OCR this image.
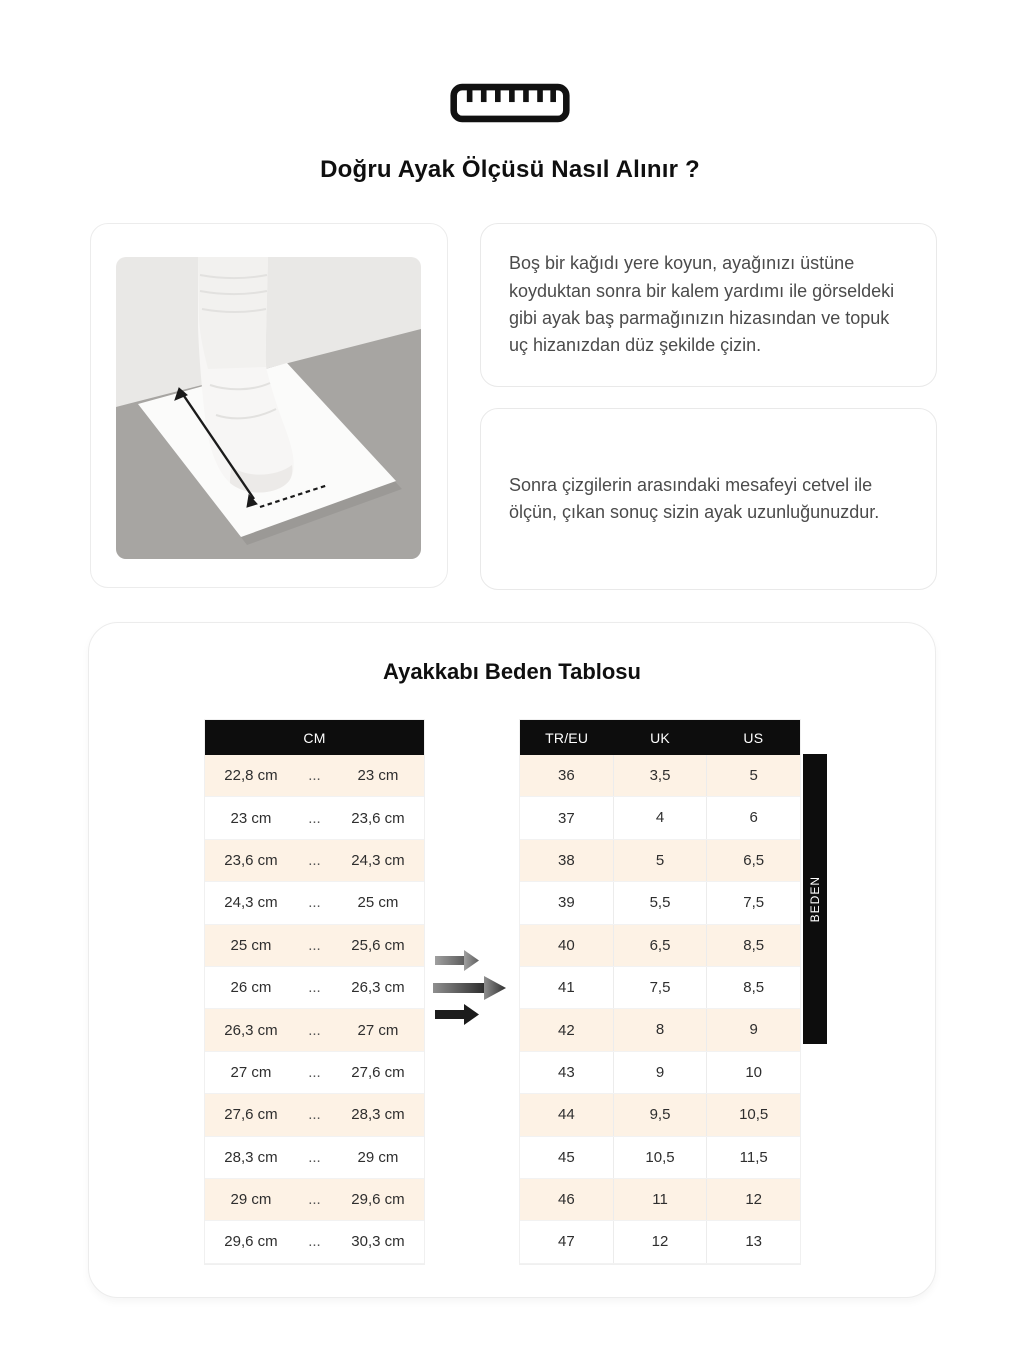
Doğru Ayak Ölçüsü Nasıl Alınır ?

Boş bir kağıdı yere koyun, ayağınızı üstüne koyduktan sonra bir kalem yardımı ile görseldeki gibi ayak baş parmağınızın hizasından ve topuk uç hizanızdan düz şekilde çizin.

Sonra çizgilerin arasındaki mesafeyi cetvel ile ölçün, çıkan sonuç sizin ayak uzunluğunuzdur.

Ayakkabı Beden Tablosu
CM
22,8 cm	...	23 cm
23 cm	...	23,6 cm
23,6 cm	...	24,3 cm
24,3 cm	...	25 cm
25 cm	...	25,6 cm
26 cm	...	26,3 cm
26,3 cm	...	27 cm
27 cm	...	27,6 cm
27,6 cm	...	28,3 cm
28,3 cm	...	29 cm
29 cm	...	29,6 cm
29,6 cm	...	30,3 cm
TR/EU	UK	US
36	3,5	5
37	4	6
38	5	6,5
39	5,5	7,5
40	6,5	8,5
41	7,5	8,5
42	8	9
43	9	10
44	9,5	10,5
45	10,5	11,5
46	11	12
47	12	13
BEDEN
